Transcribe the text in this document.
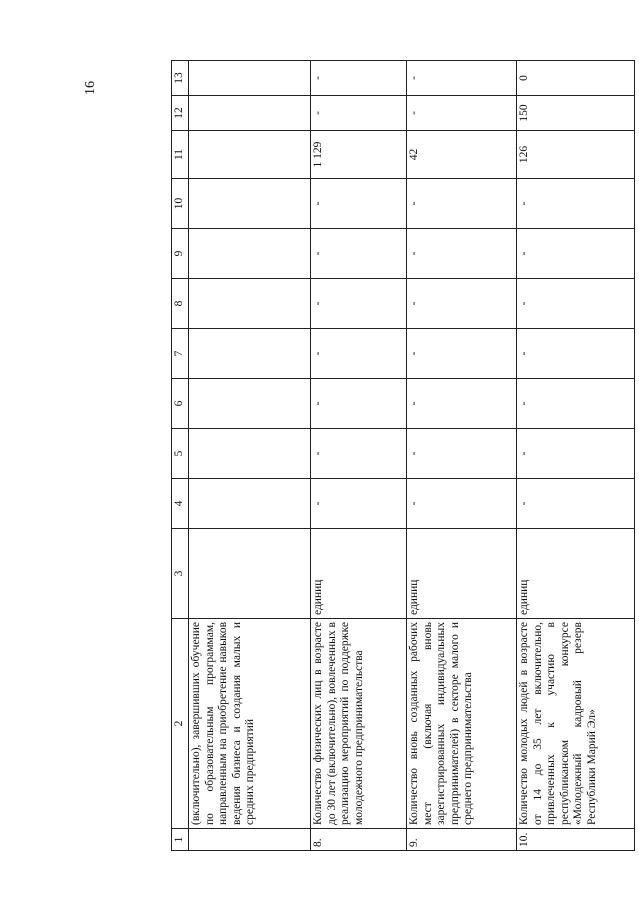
16
1	2	3	4	5	6	7	8	9	10	11	12	13
	(включительно), завершивших обучение по образовательным программам, направленным на приобретение навыков ведения бизнеса и создания малых и средних предприятий											
8.	Количество физических лиц в возрасте до 30 лет (включительно), вовлеченных в реализацию мероприятий по поддержке молодежного предпринимательства	единиц	-	-	-	-	-	-	-	1 129	-	-
9.	Количество вновь созданных рабочих мест (включая вновь зарегистрированных индивидуальных предпринимателей) в секторе малого и среднего предпринимательства	единиц	-	-	-	-	-	-	-	42	-	-
10.	Количество молодых людей в возрасте от 14 до 35 лет включительно, привлеченных к участию в республиканском конкурсе «Молодежный кадровый резерв Республики Марий Эл»	единиц	-	-	-	-	-	-	-	126	150	0
